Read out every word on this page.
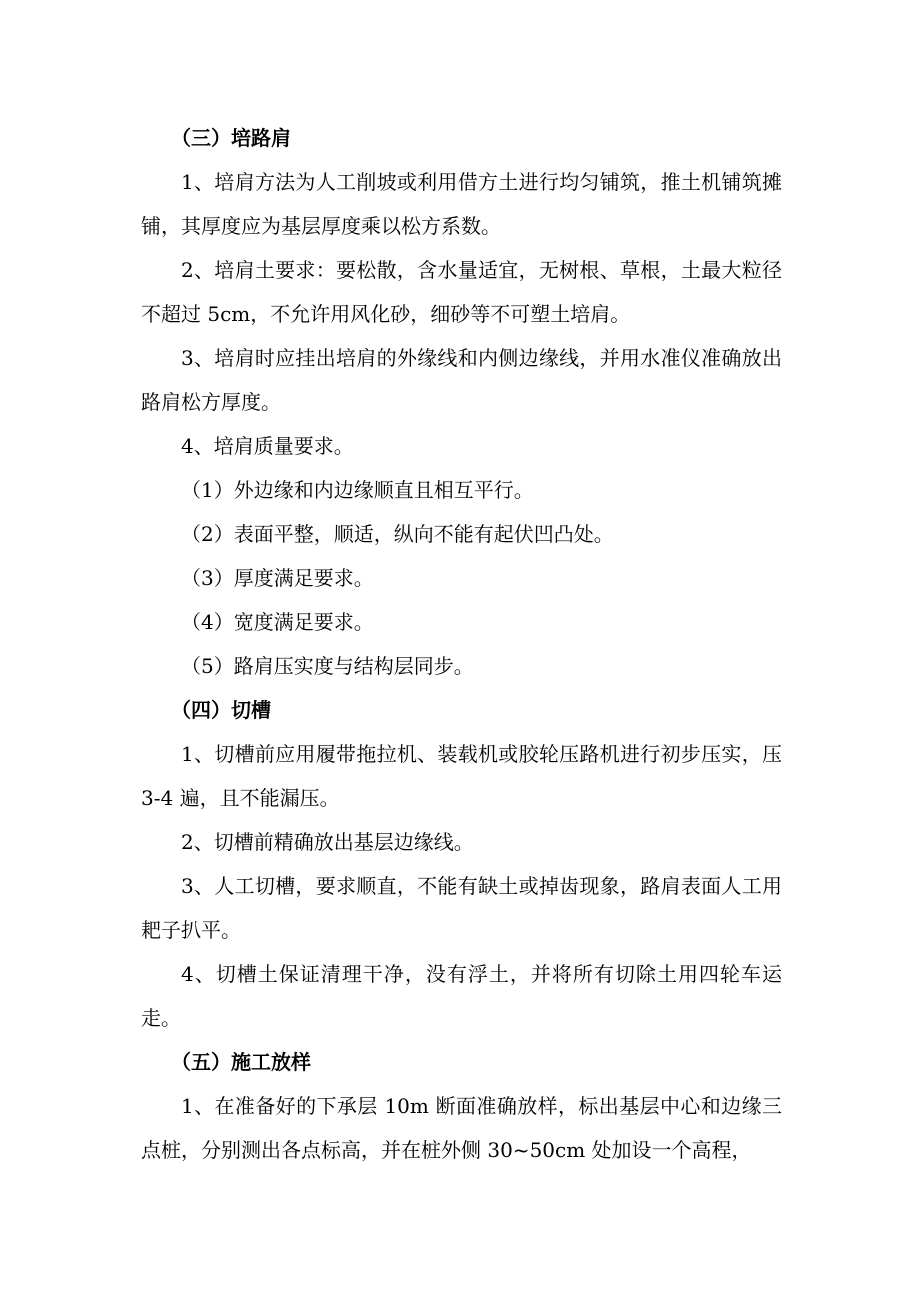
（三）培路肩

1、培肩方法为人工削坡或利用借方土进行均匀铺筑，推土机铺筑摊铺，其厚度应为基层厚度乘以松方系数。

2、培肩土要求：要松散，含水量适宜，无树根、草根，土最大粒径不超过 5cm，不允许用风化砂，细砂等不可塑土培肩。

3、培肩时应挂出培肩的外缘线和内侧边缘线，并用水准仪准确放出路肩松方厚度。

4、培肩质量要求。

（1）外边缘和内边缘顺直且相互平行。

（2）表面平整，顺适，纵向不能有起伏凹凸处。

（3）厚度满足要求。

（4）宽度满足要求。

（5）路肩压实度与结构层同步。

（四）切槽

1、切槽前应用履带拖拉机、装载机或胶轮压路机进行初步压实，压 3-4 遍，且不能漏压。

2、切槽前精确放出基层边缘线。

3、人工切槽，要求顺直，不能有缺土或掉齿现象，路肩表面人工用耙子扒平。

4、切槽土保证清理干净，没有浮土，并将所有切除土用四轮车运走。

（五）施工放样

1、在准备好的下承层 10m 断面准确放样，标出基层中心和边缘三点桩，分别测出各点标高，并在桩外侧 30~50cm 处加设一个高程，
